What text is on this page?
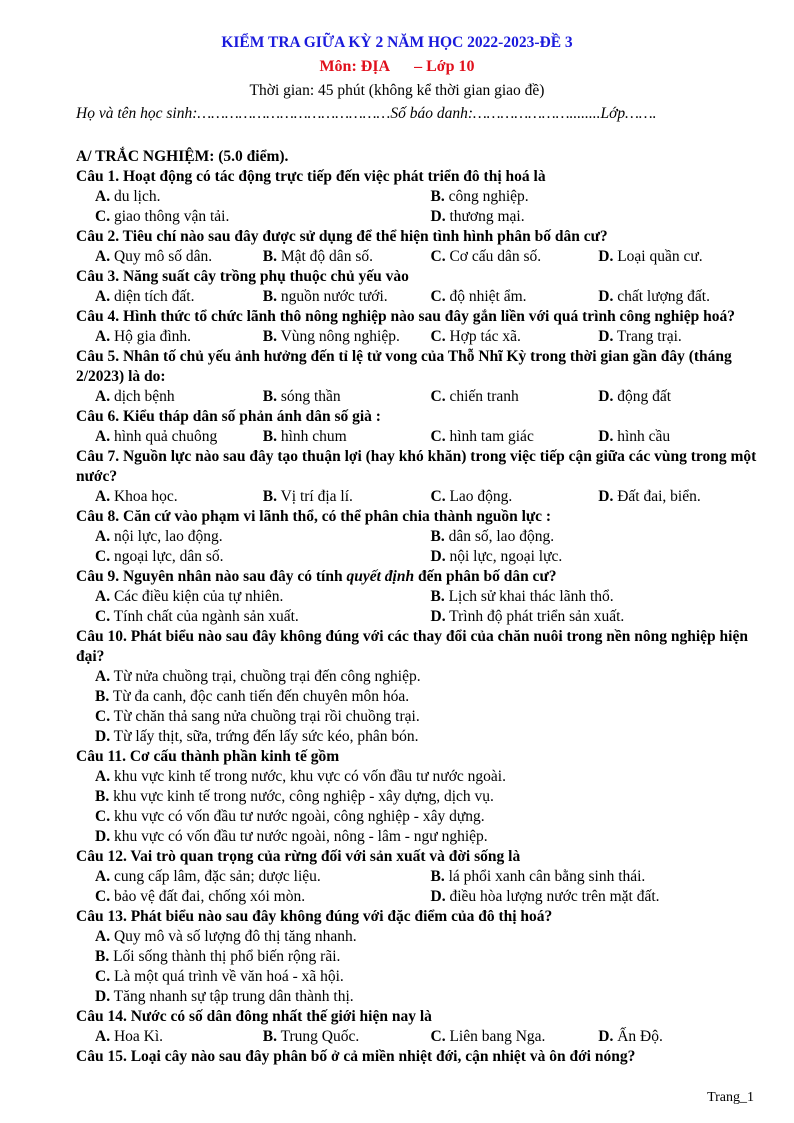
KIỂM TRA GIỮA KỲ 2 NĂM HỌC 2022-2023-ĐỀ 3
Môn: ĐỊA – Lớp 10
Thời gian: 45 phút (không kể thời gian giao đề)
Họ và tên học sinh:……………………………………Số báo danh:…………………........Lớp…….
A/ TRẮC NGHIỆM: (5.0 điểm).
Câu 1. Hoạt động có tác động trực tiếp đến việc phát triển đô thị hoá là
A. du lịch.	B. công nghiệp.
C. giao thông vận tải.	D. thương mại.
Câu 2. Tiêu chí nào sau đây được sử dụng để thể hiện tình hình phân bố dân cư?
A. Quy mô số dân.	B. Mật độ dân số.	C. Cơ cấu dân số.	D. Loại quần cư.
Câu 3. Năng suất cây trồng phụ thuộc chủ yếu vào
A. diện tích đất.	B. nguồn nước tưới.	C. độ nhiệt ẩm.	D. chất lượng đất.
Câu 4. Hình thức tổ chức lãnh thô nông nghiệp nào sau đây gắn liền với quá trình công nghiệp hoá?
A. Hộ gia đình.	B. Vùng nông nghiệp.	C. Hợp tác xã.	D. Trang trại.
Câu 5. Nhân tố chủ yếu ảnh hưởng đến tỉ lệ tử vong của Thỗ Nhĩ Kỳ trong thời gian gần đây (tháng 2/2023) là do:
A. dịch bệnh	B. sóng thần	C. chiến tranh	D. động đất
Câu 6. Kiểu tháp dân số phản ánh dân số già :
A. hình quả chuông	B. hình chum	C. hình tam giác	D. hình cầu
Câu 7. Nguồn lực nào sau đây tạo thuận lợi (hay khó khăn) trong việc tiếp cận giữa các vùng trong một nước?
A. Khoa học.	B. Vị trí địa lí.	C. Lao động.	D. Đất đai, biển.
Câu 8. Căn cứ vào phạm vi lãnh thổ, có thể phân chia thành nguồn lực :
A. nội lực, lao động.	B. dân số, lao động.
C. ngoại lực, dân số.	D. nội lực, ngoại lực.
Câu 9. Nguyên nhân nào sau đây có tính quyết định đến phân bố dân cư?
A. Các điều kiện của tự nhiên.	B. Lịch sử khai thác lãnh thổ.
C. Tính chất của ngành sản xuất.	D. Trình độ phát triển sản xuất.
Câu 10. Phát biểu nào sau đây không đúng với các thay đổi của chăn nuôi trong nền nông nghiệp hiện đại?
A. Từ nửa chuồng trại, chuồng trại đến công nghiệp.
B. Từ đa canh, độc canh tiến đến chuyên môn hóa.
C. Từ chăn thả sang nửa chuồng trại rồi chuồng trại.
D. Từ lấy thịt, sữa, trứng đến lấy sức kéo, phân bón.
Câu 11. Cơ cấu thành phần kinh tế gồm
A. khu vực kinh tế trong nước, khu vực có vốn đầu tư nước ngoài.
B. khu vực kinh tế trong nước, công nghiệp - xây dựng, dịch vụ.
C. khu vực có vốn đầu tư nước ngoài, công nghiệp - xây dựng.
D. khu vực có vốn đầu tư nước ngoài, nông - lâm - ngư nghiệp.
Câu 12. Vai trò quan trọng của rừng đối với sản xuất và đời sống là
A. cung cấp lâm, đặc sản; dược liệu.	B. lá phổi xanh cân bằng sinh thái.
C. bảo vệ đất đai, chống xói mòn.	D. điều hòa lượng nước trên mặt đất.
Câu 13. Phát biểu nào sau đây không đúng với đặc điểm của đô thị hoá?
A. Quy mô và số lượng đô thị tăng nhanh.
B. Lối sống thành thị phổ biến rộng rãi.
C. Là một quá trình về văn hoá - xã hội.
D. Tăng nhanh sự tập trung dân thành thị.
Câu 14. Nước có số dân đông nhất thế giới hiện nay là
A. Hoa Kì.	B. Trung Quốc.	C. Liên bang Nga.	D. Ấn Độ.
Câu 15. Loại cây nào sau đây phân bố ở cả miền nhiệt đới, cận nhiệt và ôn đới nóng?
Trang_1
